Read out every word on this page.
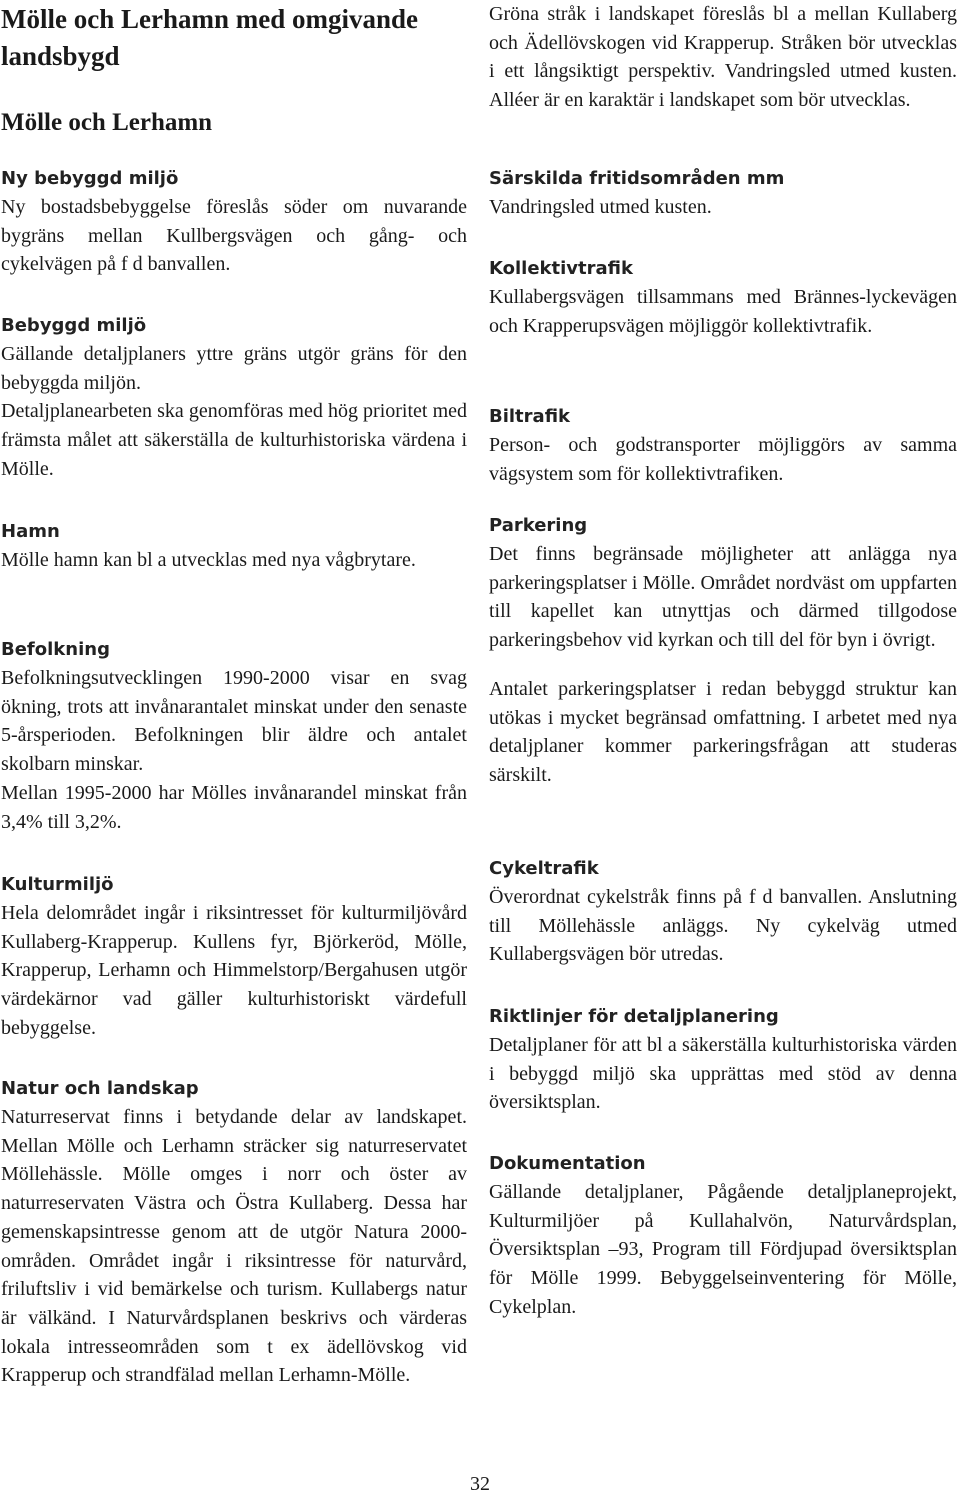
Mölle och Lerhamn med omgivande landsbygd
Mölle och Lerhamn
Ny bebyggd miljö

Ny bostadsbebyggelse föreslås söder om nuvarande bygräns mellan Kullbergsvägen och gång- och cykelvägen på f d banvallen.

Bebyggd miljö

Gällande detaljplaners yttre gräns utgör gräns för den bebyggda miljön.

Detaljplanearbeten ska genomföras med hög prioritet med främsta målet att säkerställa de kulturhistoriska värdena i Mölle.

Hamn

Mölle hamn kan bl a utvecklas med nya vågbrytare.

Befolkning

Befolkningsutvecklingen 1990-2000 visar en svag ökning, trots att invånarantalet minskat under den senaste 5-årsperioden. Befolkningen blir äldre och antalet skolbarn minskar.

Mellan 1995-2000 har Mölles invånarandel minskat från 3,4% till 3,2%.

Kulturmiljö

Hela delområdet ingår i riksintresset för kulturmiljövård Kullaberg-Krapperup. Kullens fyr, Björkeröd, Mölle, Krapperup, Lerhamn och Himmelstorp/Bergahusen utgör värdekärnor vad gäller kulturhistoriskt värdefull bebyggelse.

Natur och landskap

Naturreservat finns i betydande delar av landskapet. Mellan Mölle och Lerhamn sträcker sig naturreservatet Möllehässle. Mölle omges i norr och öster av naturreservaten Västra och Östra Kullaberg. Dessa har gemenskapsintresse genom att de utgör Natura 2000-områden. Området ingår i riksintresse för naturvård, friluftsliv i vid bemärkelse och turism. Kullabergs natur är välkänd. I Naturvårdsplanen beskrivs och värderas lokala intresseområden som t ex ädellövskog vid Krapperup och strandfälad mellan Lerhamn-Mölle.

Gröna stråk i landskapet föreslås bl a mellan Kullaberg och Ädellövskogen vid Krapperup. Stråken bör utvecklas i ett långsiktigt perspektiv. Vandringsled utmed kusten. Alléer är en karaktär i landskapet som bör utvecklas.

Särskilda fritidsområden mm

Vandringsled utmed kusten.

Kollektivtrafik

Kullabergsvägen tillsammans med Brännes-lyckevägen och Krapperupsvägen möjliggör kollektivtrafik.

Biltrafik

Person- och godstransporter möjliggörs av samma vägsystem som för kollektivtrafiken.

Parkering

Det finns begränsade möjligheter att anlägga nya parkeringsplatser i Mölle. Området nordväst om uppfarten till kapellet kan utnyttjas och därmed tillgodose parkeringsbehov vid kyrkan och till del för byn i övrigt.

Antalet parkeringsplatser i redan bebyggd struktur kan utökas i mycket begränsad omfattning. I arbetet med nya detaljplaner kommer parkeringsfrågan att studeras särskilt.

Cykeltrafik

Överordnat cykelstråk finns på f d banvallen. Anslutning till Möllehässle anläggs. Ny cykelväg utmed Kullabergsvägen bör utredas.

Riktlinjer för detaljplanering

Detaljplaner för att bl a säkerställa kulturhistoriska värden i bebyggd miljö ska upprättas med stöd av denna översiktsplan.

Dokumentation

Gällande detaljplaner, Pågående detaljplaneprojekt, Kulturmiljöer på Kullahalvön, Naturvårdsplan, Översiktsplan –93, Program till Fördjupad översiktsplan för Mölle 1999. Bebyggelseinventering för Mölle, Cykelplan.

32
